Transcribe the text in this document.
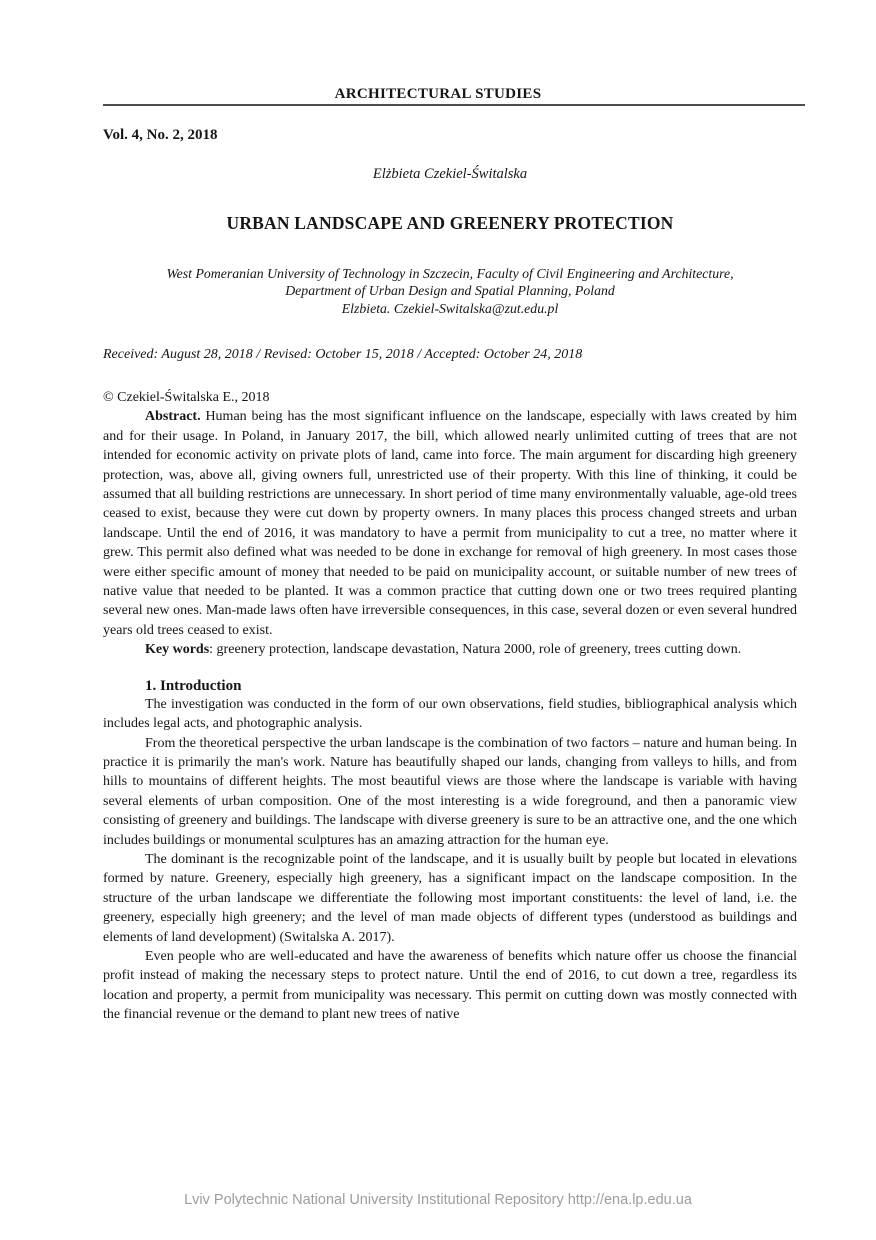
ARCHITECTURAL STUDIES
Vol. 4, No. 2, 2018
Elżbieta Czekiel-Świtalska
URBAN LANDSCAPE AND GREENERY PROTECTION
West Pomeranian University of Technology in Szczecin, Faculty of Civil Engineering and Architecture,
Department of Urban Design and Spatial Planning, Poland
Elzbieta. Czekiel-Switalska@zut.edu.pl
Received: August 28, 2018 / Revised: October 15, 2018 / Accepted: October 24, 2018
© Czekiel-Świtalska E., 2018

Abstract. Human being has the most significant influence on the landscape, especially with laws created by him and for their usage. In Poland, in January 2017, the bill, which allowed nearly unlimited cutting of trees that are not intended for economic activity on private plots of land, came into force. The main argument for discarding high greenery protection, was, above all, giving owners full, unrestricted use of their property. With this line of thinking, it could be assumed that all building restrictions are unnecessary. In short period of time many environmentally valuable, age-old trees ceased to exist, because they were cut down by property owners. In many places this process changed streets and urban landscape. Until the end of 2016, it was mandatory to have a permit from municipality to cut a tree, no matter where it grew. This permit also defined what was needed to be done in exchange for removal of high greenery. In most cases those were either specific amount of money that needed to be paid on municipality account, or suitable number of new trees of native value that needed to be planted. It was a common practice that cutting down one or two trees required planting several new ones. Man-made laws often have irreversible consequences, in this case, several dozen or even several hundred years old trees ceased to exist.

Key words: greenery protection, landscape devastation, Natura 2000, role of greenery, trees cutting down.

1. Introduction

The investigation was conducted in the form of our own observations, field studies, bibliographical analysis which includes legal acts, and photographic analysis.

From the theoretical perspective the urban landscape is the combination of two factors – nature and human being. In practice it is primarily the man's work. Nature has beautifully shaped our lands, changing from valleys to hills, and from hills to mountains of different heights. The most beautiful views are those where the landscape is variable with having several elements of urban composition. One of the most interesting is a wide foreground, and then a panoramic view consisting of greenery and buildings. The landscape with diverse greenery is sure to be an attractive one, and the one which includes buildings or monumental sculptures has an amazing attraction for the human eye.

The dominant is the recognizable point of the landscape, and it is usually built by people but located in elevations formed by nature. Greenery, especially high greenery, has a significant impact on the landscape composition. In the structure of the urban landscape we differentiate the following most important constituents: the level of land, i.e. the greenery, especially high greenery; and the level of man made objects of different types (understood as buildings and elements of land development) (Switalska A. 2017).

Even people who are well-educated and have the awareness of benefits which nature offer us choose the financial profit instead of making the necessary steps to protect nature. Until the end of 2016, to cut down a tree, regardless its location and property, a permit from municipality was necessary. This permit on cutting down was mostly connected with the financial revenue or the demand to plant new trees of native

Lviv Polytechnic National University Institutional Repository http://ena.lp.edu.ua
